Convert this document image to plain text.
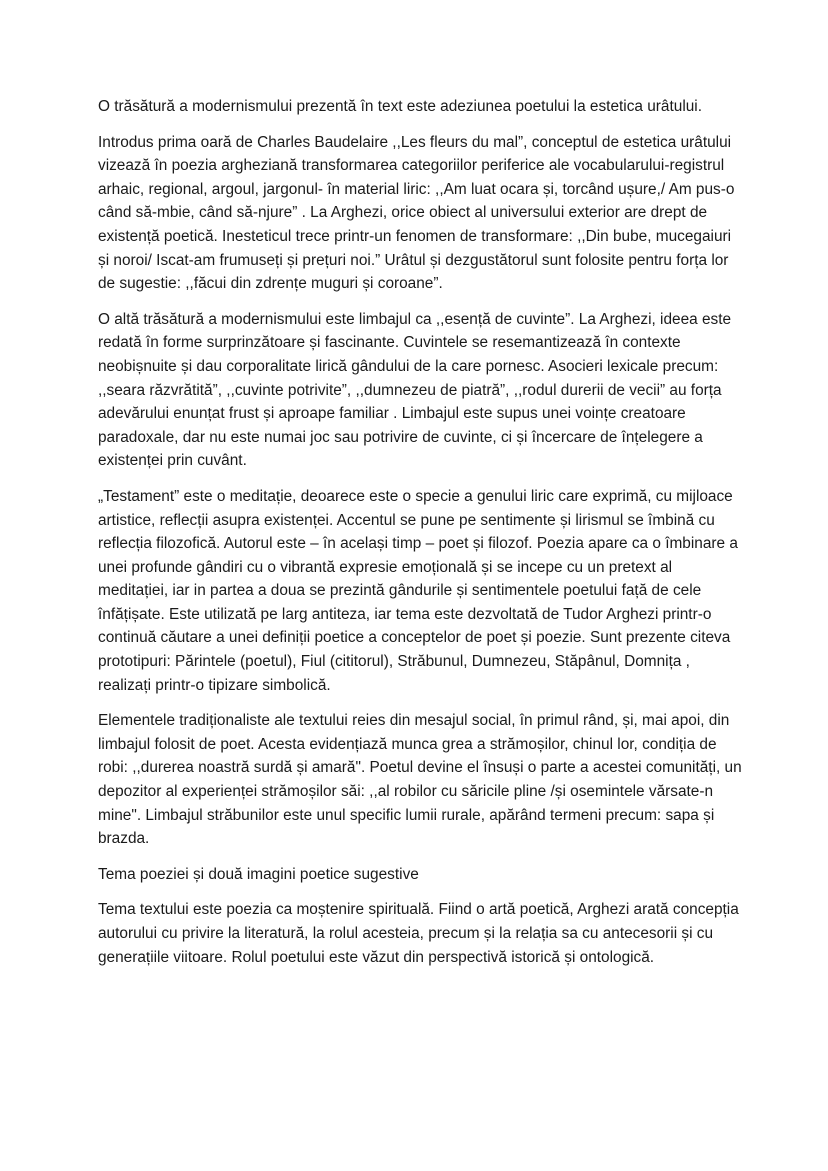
O trăsătură a modernismului prezentă în text este adeziunea poetului la estetica urâtului.

Introdus prima oară de Charles Baudelaire ,,Les fleurs du mal”, conceptul de estetica urâtului vizează în poezia argheziană transformarea categoriilor periferice ale vocabularului-registrul arhaic, regional, argoul, jargonul- în material liric: ,,Am luat ocara și, torcând ușure,/ Am pus-o când să-mbie, când să-njure” . La Arghezi, orice obiect al universului exterior are drept de existență poetică. Inesteticul trece printr-un fenomen de transformare: ,,Din bube, mucegaiuri și noroi/ Iscat-am frumuseți și prețuri noi.” Urâtul și dezgustătorul sunt folosite pentru forța lor de sugestie: ,,făcui din zdrențe muguri și coroane”.

O altă trăsătură a modernismului este limbajul ca ,,esență de cuvinte”. La Arghezi, ideea este redată în forme surprinzătoare și fascinante. Cuvintele se resemantizează în contexte neobișnuite și dau corporalitate lirică gândului de la care pornesc. Asocieri lexicale precum: ,,seara răzvrătită”, ,,cuvinte potrivite”, ,,dumnezeu de piatră”, ,,rodul durerii de vecii” au forța adevărului enunțat frust și aproape familiar . Limbajul este supus unei voințe creatoare paradoxale, dar nu este numai joc sau potrivire de cuvinte, ci și încercare de înțelegere a existenței prin cuvânt.

„Testament” este o meditație, deoarece este o specie a genului liric care exprimă, cu mijloace artistice, reflecții asupra existenței. Accentul se pune pe sentimente și lirismul se îmbină cu reflecția filozofică. Autorul este – în același timp – poet și filozof. Poezia apare ca o îmbinare a unei profunde gândiri cu o vibrantă expresie emoțională și se incepe cu un pretext al meditației, iar in partea a doua se prezintă gândurile și sentimentele poetului față de cele înfățișate. Este utilizată pe larg antiteza, iar tema este dezvoltată de Tudor Arghezi printr-o continuă căutare a unei definiții poetice a conceptelor de poet și poezie. Sunt prezente citeva prototipuri: Părintele (poetul), Fiul (cititorul), Străbunul, Dumnezeu, Stăpânul, Domnița , realizați printr-o tipizare simbolică.

Elementele tradiționaliste ale textului reies din mesajul social, în primul rând, și, mai apoi, din limbajul folosit de poet. Acesta evidențiază munca grea a strămoșilor, chinul lor, condiția de robi: ,,durerea noastră surdă și amară". Poetul devine el însuși o parte a acestei comunități, un depozitor al experienței strămoșilor săi: ,,al robilor cu săricile pline /și osemintele vărsate-n mine". Limbajul străbunilor este unul specific lumii rurale, apărând termeni precum: sapa și brazda.

Tema poeziei și două imagini poetice sugestive

Tema textului este poezia ca moștenire spirituală. Fiind o artă poetică, Arghezi arată concepția autorului cu privire la literatură, la rolul acesteia, precum și la relația sa cu antecesorii și cu generațiile viitoare. Rolul poetului este văzut din perspectivă istorică și ontologică.
